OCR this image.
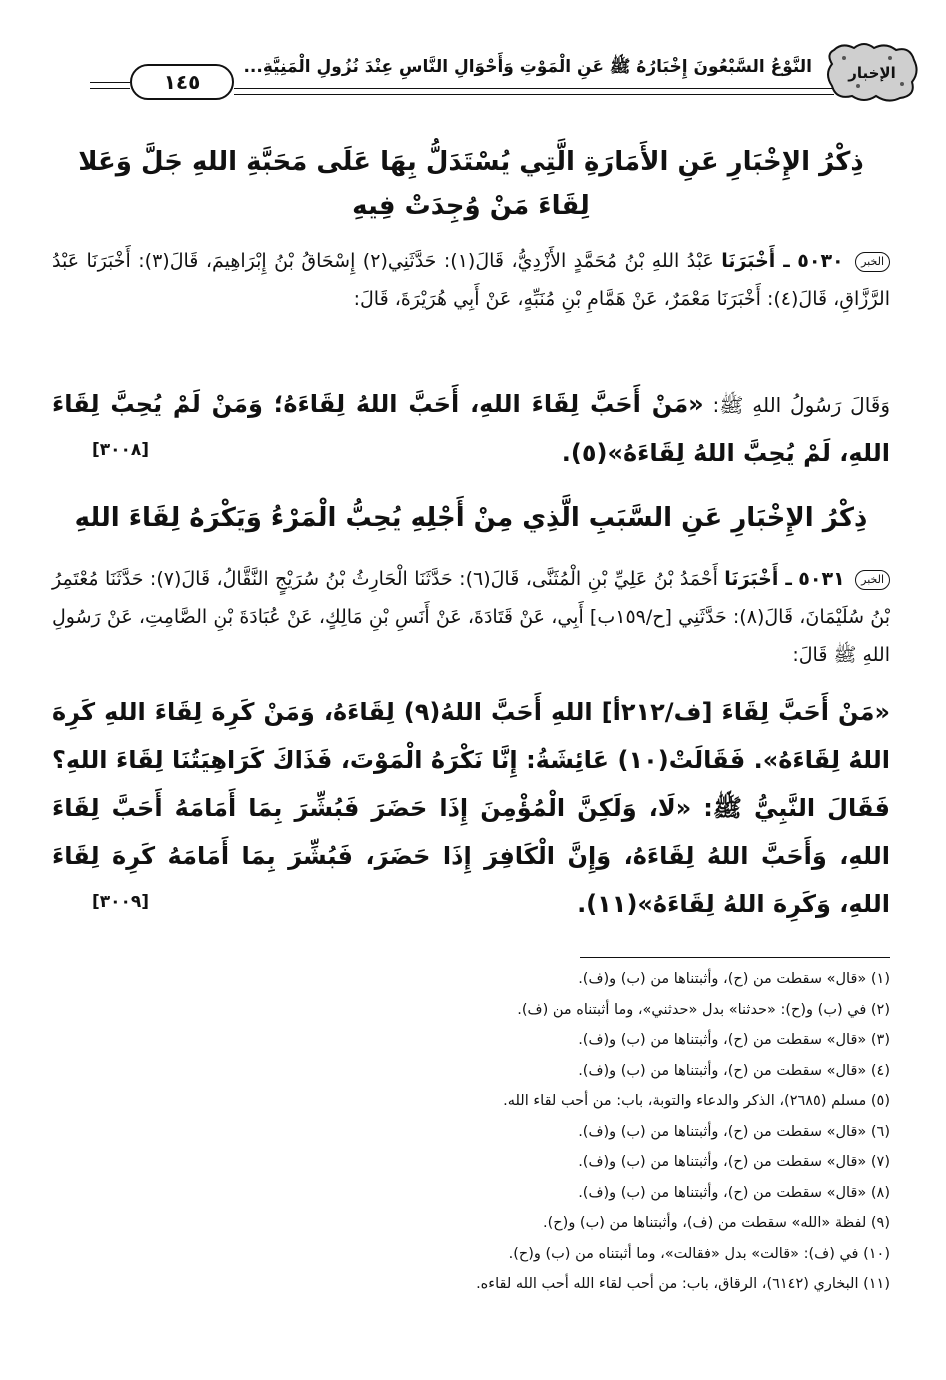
الإخبار
النَّوْعُ السَّبْعُونَ إِخْبَارُهُ ﷺ عَنِ الْمَوْتِ وَأَحْوَالِ النَّاسِ عِنْدَ نُزُولِ الْمَنِيَّةِ...
١٤٥
ذِكْرُ الإِخْبَارِ عَنِ الأَمَارَةِ الَّتِي يُسْتَدَلُّ بِهَا عَلَى مَحَبَّةِ اللهِ جَلَّ وَعَلا
لِقَاءَ مَنْ وُجِدَتْ فِيهِ
الخبر ٥٠٣٠ ـ أَخْبَرَنَا عَبْدُ اللهِ بْنُ مُحَمَّدٍ الأَزْدِيُّ، قَالَ(١): حَدَّثَنِي(٢) إِسْحَاقُ بْنُ إِبْرَاهِيمَ، قَالَ(٣): أَخْبَرَنَا عَبْدُ الرَّزَّاقِ، قَالَ(٤): أَخْبَرَنَا مَعْمَرٌ، عَنْ هَمَّامِ بْنِ مُنَبِّهٍ، عَنْ أَبِي هُرَيْرَةَ، قَالَ:
وَقَالَ رَسُولُ اللهِ ﷺ: «مَنْ أَحَبَّ لِقَاءَ اللهِ، أَحَبَّ اللهُ لِقَاءَهُ؛ وَمَنْ لَمْ يُحِبَّ لِقَاءَ اللهِ، لَمْ يُحِبَّ اللهُ لِقَاءَهُ»(٥).
[٣٠٠٨]
ذِكْرُ الإِخْبَارِ عَنِ السَّبَبِ الَّذِي مِنْ أَجْلِهِ يُحِبُّ الْمَرْءُ وَيَكْرَهُ لِقَاءَ اللهِ
الخبر ٥٠٣١ ـ أَخْبَرَنَا أَحْمَدُ بْنُ عَلِيِّ بْنِ الْمُثَنَّى، قَالَ(٦): حَدَّثَنَا الْحَارِثُ بْنُ سُرَيْجٍ النَّقَّالُ، قَالَ(٧): حَدَّثَنَا مُعْتَمِرُ بْنُ سُلَيْمَانَ، قَالَ(٨): حَدَّثَنِي [ح/١٥٩ب] أَبِي، عَنْ قَتَادَةَ، عَنْ أَنَسِ بْنِ مَالِكٍ، عَنْ عُبَادَةَ بْنِ الصَّامِتِ، عَنْ رَسُولِ اللهِ ﷺ قَالَ:
«مَنْ أَحَبَّ لِقَاءَ [ف/٢١٢أ] اللهِ أَحَبَّ اللهُ(٩) لِقَاءَهُ، وَمَنْ كَرِهَ لِقَاءَ اللهِ كَرِهَ اللهُ لِقَاءَهُ». فَقَالَتْ(١٠) عَائِشَةُ: إِنَّا نَكْرَهُ الْمَوْتَ، فَذَاكَ كَرَاهِيَتُنَا لِقَاءَ اللهِ؟ فَقَالَ النَّبِيُّ ﷺ: «لَا، وَلَكِنَّ الْمُؤْمِنَ إِذَا حَضَرَ فَبُشِّرَ بِمَا أَمَامَهُ أَحَبَّ لِقَاءَ اللهِ، وَأَحَبَّ اللهُ لِقَاءَهُ، وَإِنَّ الْكَافِرَ إِذَا حَضَرَ، فَبُشِّرَ بِمَا أَمَامَهُ كَرِهَ لِقَاءَ اللهِ، وَكَرِهَ اللهُ لِقَاءَهُ»(١١).
[٣٠٠٩]
(١) «قال» سقطت من (ح)، وأثبتناها من (ب) و(ف).
(٢) في (ب) و(ح): «حدثنا» بدل «حدثني»، وما أثبتناه من (ف).
(٣) «قال» سقطت من (ح)، وأثبتناها من (ب) و(ف).
(٤) «قال» سقطت من (ح)، وأثبتناها من (ب) و(ف).
(٥) مسلم (٢٦٨٥)، الذكر والدعاء والتوبة، باب: من أحب لقاء الله.
(٦) «قال» سقطت من (ح)، وأثبتناها من (ب) و(ف).
(٧) «قال» سقطت من (ح)، وأثبتناها من (ب) و(ف).
(٨) «قال» سقطت من (ح)، وأثبتناها من (ب) و(ف).
(٩) لفظة «الله» سقطت من (ف)، وأثبتناها من (ب) و(ح).
(١٠) في (ف): «قالت» بدل «فقالت»، وما أثبتناه من (ب) و(ح).
(١١) البخاري (٦١٤٢)، الرقاق، باب: من أحب لقاء الله أحب الله لقاءه.
